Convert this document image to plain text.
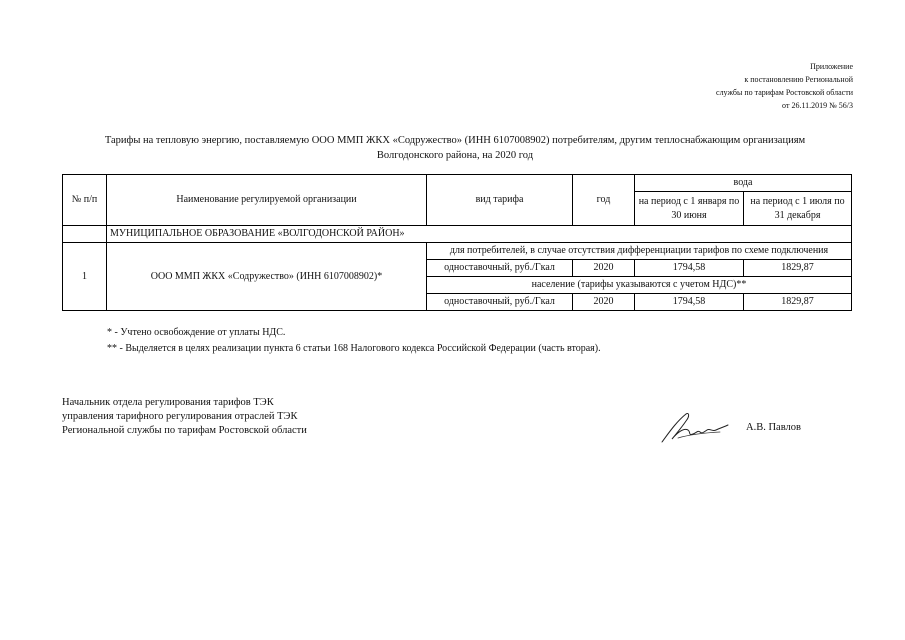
Приложение
к постановлению Региональной
службы по тарифам Ростовской области
от 26.11.2019 № 56/3
Тарифы на тепловую энергию, поставляемую ООО ММП ЖКХ «Содружество» (ИНН 6107008902) потребителям, другим теплоснабжающим организациям
Волгодонского района, на 2020 год
№ п/п	Наименование регулируемой организации	вид тарифа	год	вода	
				на период с 1 января по 30 июня	на период с 1 июля по 31 декабря
	МУНИЦИПАЛЬНОЕ ОБРАЗОВАНИЕ «ВОЛГОДОНСКОЙ РАЙОН»				
1	ООО ММП ЖКХ «Содружество» (ИНН 6107008902)*	для потребителей, в случае отсутствия дифференциации тарифов по схеме подключения			
		одноставочный, руб./Гкал	2020	1794,58	1829,87
		население (тарифы указываются с учетом НДС)**			
		одноставочный, руб./Гкал	2020	1794,58	1829,87
* - Учтено освобождение от уплаты НДС.
** - Выделяется в целях реализации пункта 6 статьи 168 Налогового кодекса Российской Федерации (часть вторая).
Начальник отдела регулирования тарифов ТЭК
управления тарифного регулирования отраслей ТЭК
Региональной службы по тарифам Ростовской области	А.В. Павлов
